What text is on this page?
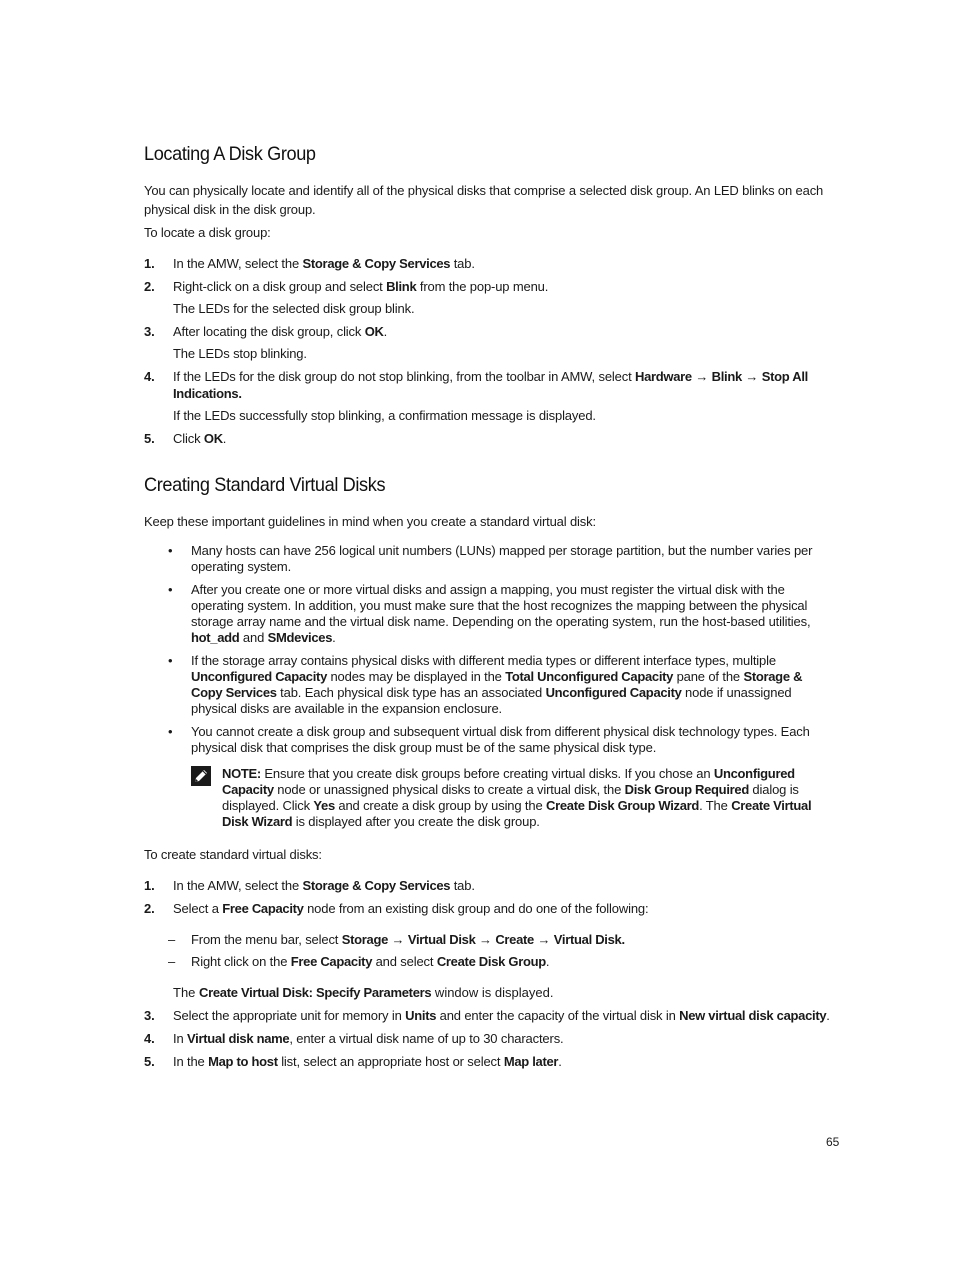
Locating A Disk Group

You can physically locate and identify all of the physical disks that comprise a selected disk group. An LED blinks on each physical disk in the disk group.

To locate a disk group:

1. In the AMW, select the Storage & Copy Services tab.
2. Right-click on a disk group and select Blink from the pop-up menu.
The LEDs for the selected disk group blink.
3. After locating the disk group, click OK.
The LEDs stop blinking.
4. If the LEDs for the disk group do not stop blinking, from the toolbar in AMW, select Hardware → Blink → Stop All Indications.
If the LEDs successfully stop blinking, a confirmation message is displayed.
5. Click OK.
Creating Standard Virtual Disks

Keep these important guidelines in mind when you create a standard virtual disk:

• Many hosts can have 256 logical unit numbers (LUNs) mapped per storage partition, but the number varies per operating system.
• After you create one or more virtual disks and assign a mapping, you must register the virtual disk with the operating system. In addition, you must make sure that the host recognizes the mapping between the physical storage array name and the virtual disk name. Depending on the operating system, run the host-based utilities, hot_add and SMdevices.
• If the storage array contains physical disks with different media types or different interface types, multiple Unconfigured Capacity nodes may be displayed in the Total Unconfigured Capacity pane of the Storage & Copy Services tab. Each physical disk type has an associated Unconfigured Capacity node if unassigned physical disks are available in the expansion enclosure.
• You cannot create a disk group and subsequent virtual disk from different physical disk technology types. Each physical disk that comprises the disk group must be of the same physical disk type.
NOTE: Ensure that you create disk groups before creating virtual disks. If you chose an Unconfigured Capacity node or unassigned physical disks to create a virtual disk, the Disk Group Required dialog is displayed. Click Yes and create a disk group by using the Create Disk Group Wizard. The Create Virtual Disk Wizard is displayed after you create the disk group.

To create standard virtual disks:

1. In the AMW, select the Storage & Copy Services tab.
2. Select a Free Capacity node from an existing disk group and do one of the following:
– From the menu bar, select Storage → Virtual Disk → Create → Virtual Disk.
– Right click on the Free Capacity and select Create Disk Group.
The Create Virtual Disk: Specify Parameters window is displayed.
3. Select the appropriate unit for memory in Units and enter the capacity of the virtual disk in New virtual disk capacity.
4. In Virtual disk name, enter a virtual disk name of up to 30 characters.
5. In the Map to host list, select an appropriate host or select Map later.
65
